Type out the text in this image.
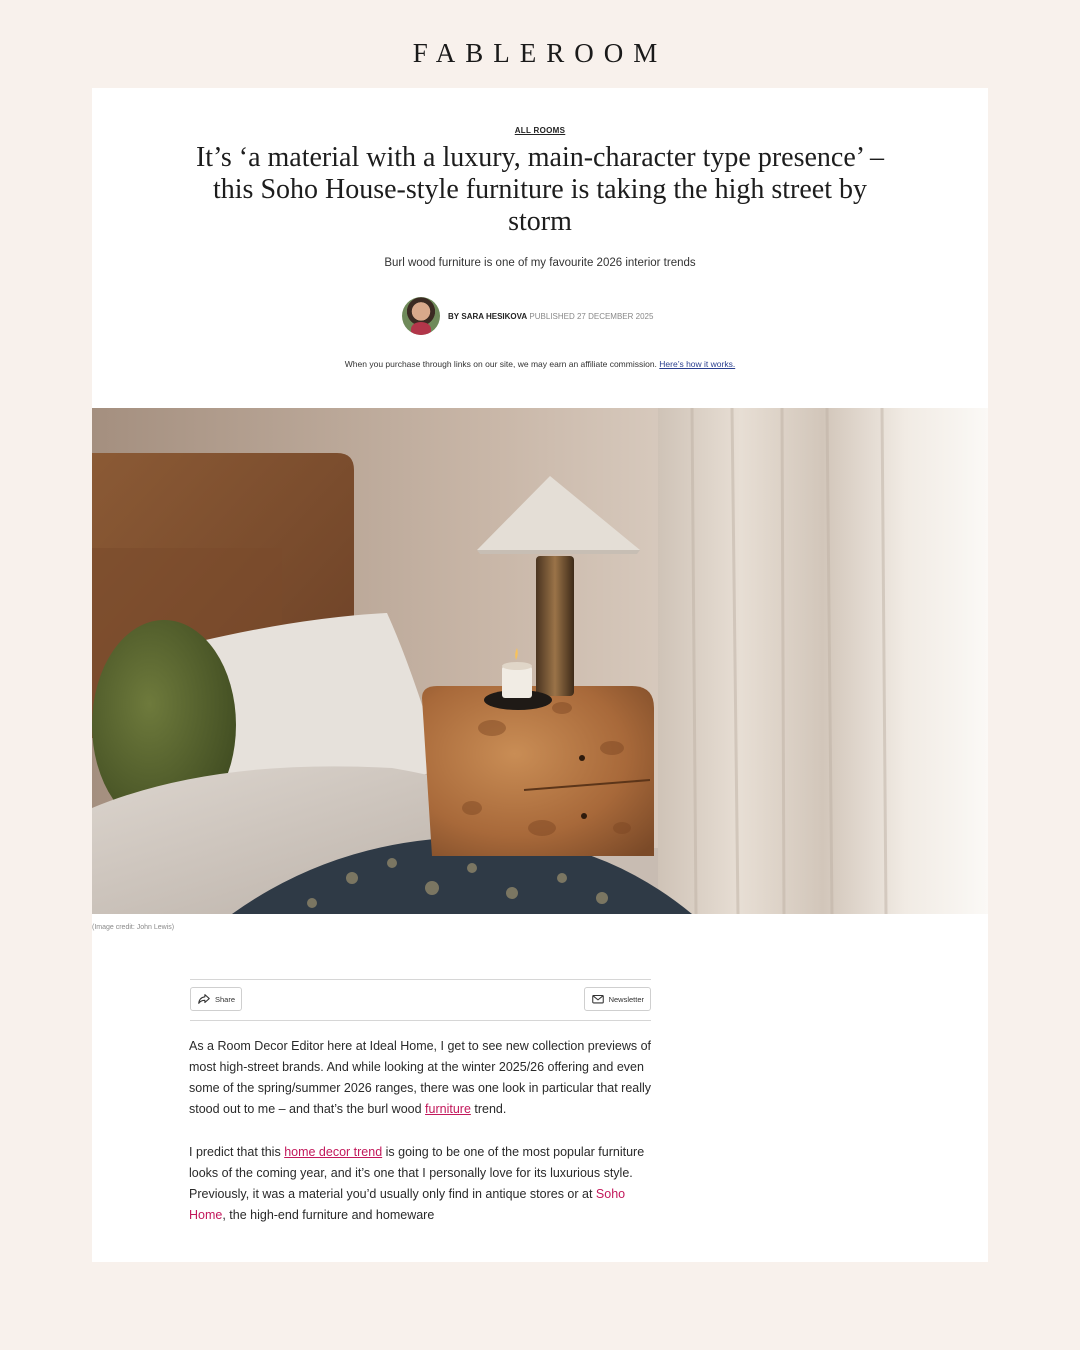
FABLEROOM
ALL ROOMS
It’s ‘a material with a luxury, main-character type presence’ – this Soho House-style furniture is taking the high street by storm
Burl wood furniture is one of my favourite 2026 interior trends
BY SARA HESIKOVA PUBLISHED 27 DECEMBER 2025
When you purchase through links on our site, we may earn an affiliate commission. Here’s how it works.
(Image credit: John Lewis)
Share	Newsletter

As a Room Decor Editor here at Ideal Home, I get to see new collection previews of most high-street brands. And while looking at the winter 2025/26 offering and even some of the spring/summer 2026 ranges, there was one look in particular that really stood out to me – and that’s the burl wood furniture trend.

I predict that this home decor trend is going to be one of the most popular furniture looks of the coming year, and it’s one that I personally love for its luxurious style. Previously, it was a material you’d usually only find in antique stores or at Soho Home, the high-end furniture and homeware
